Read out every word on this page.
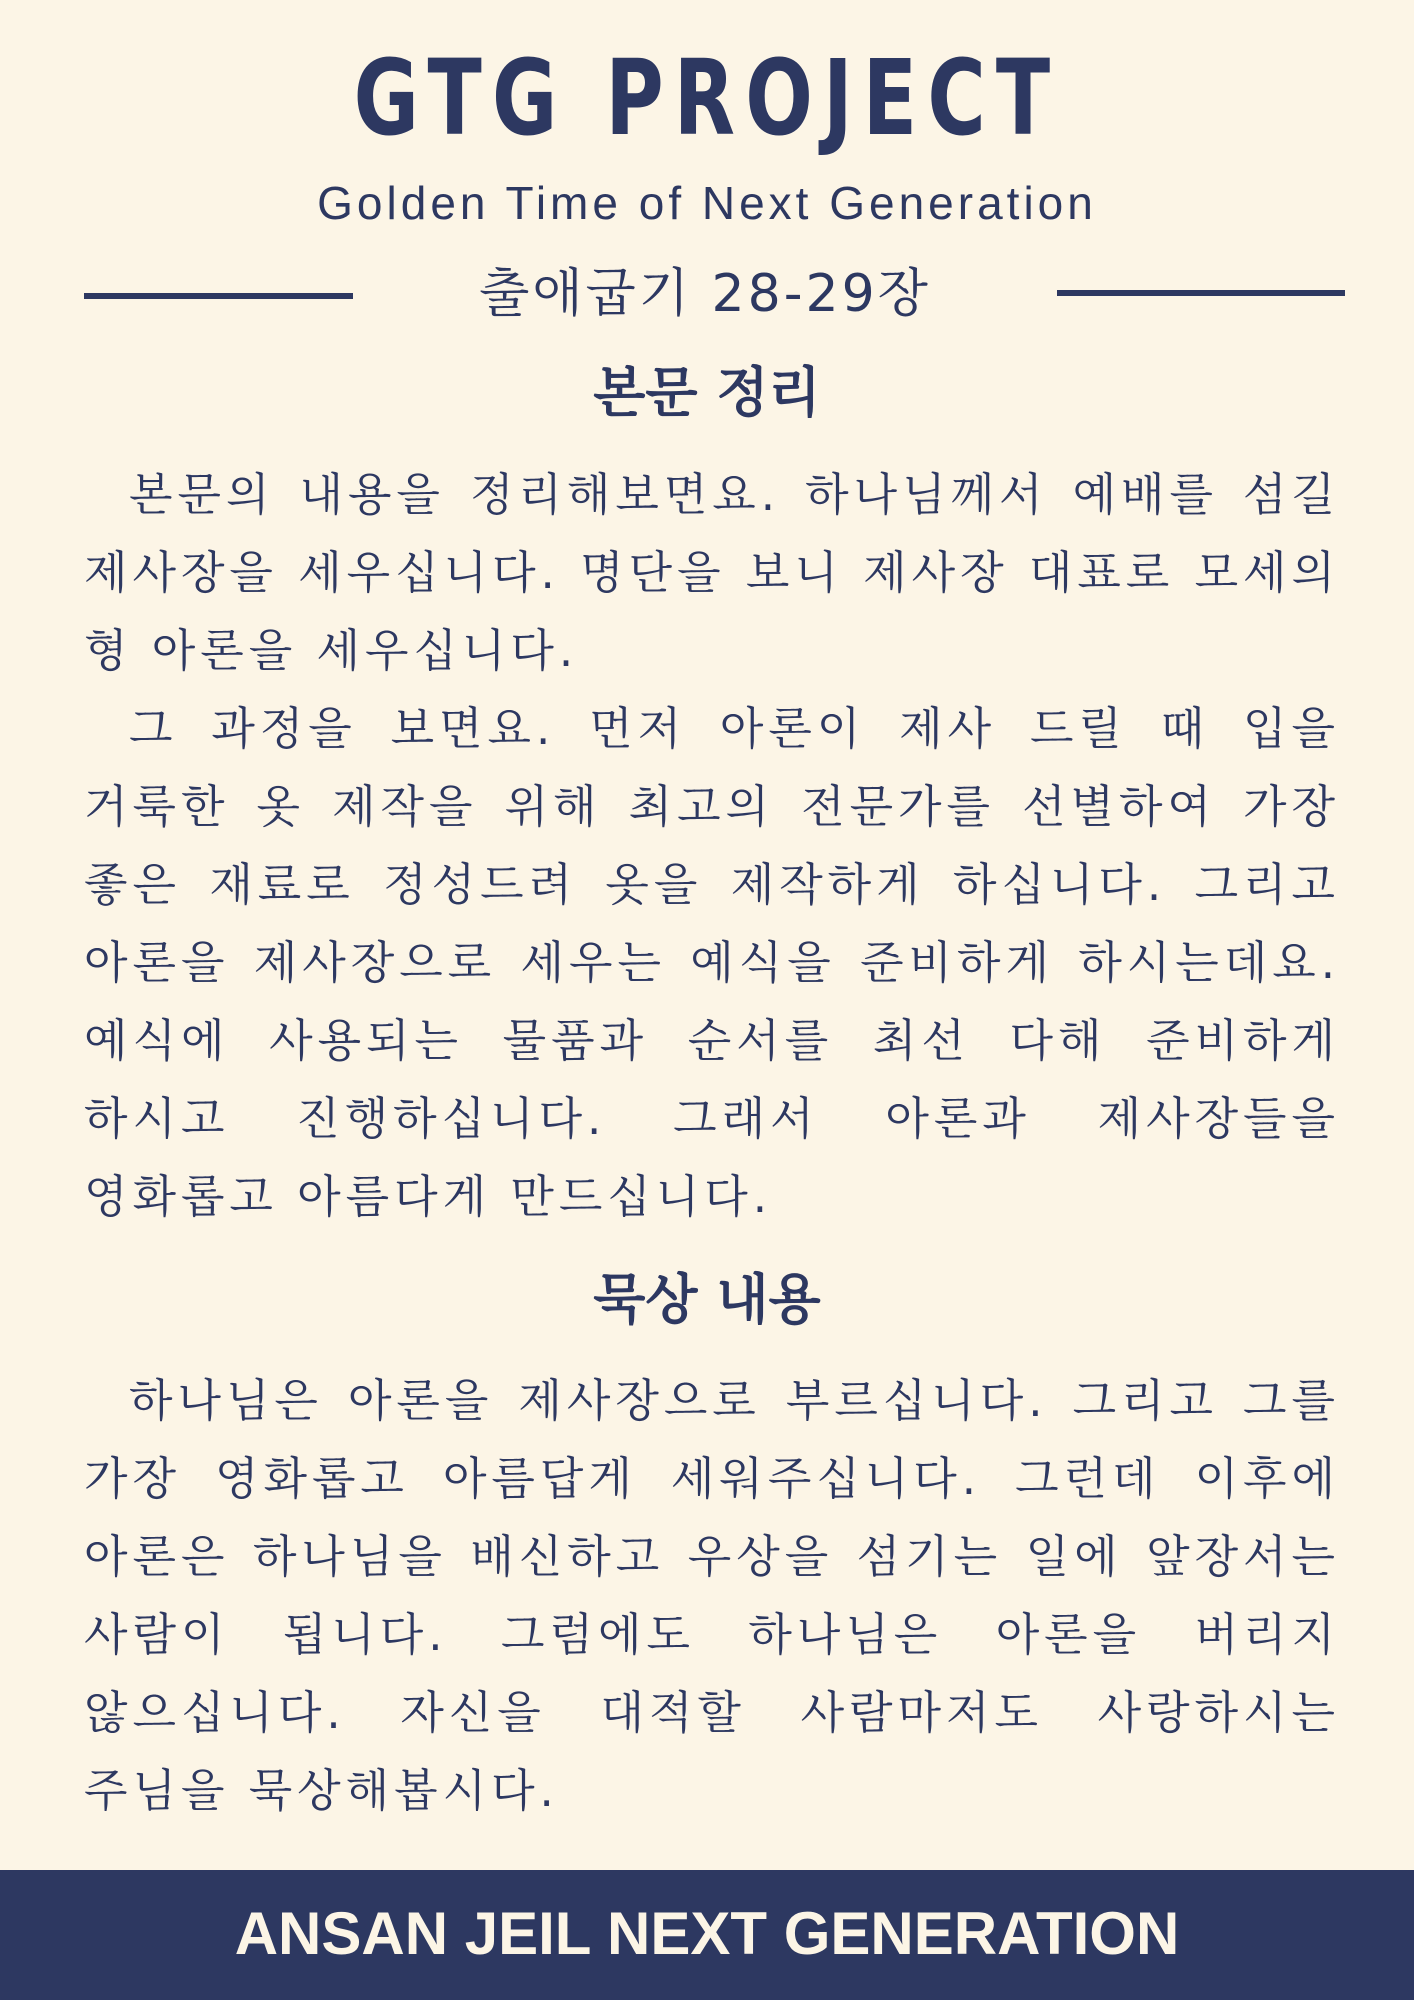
GTG PROJECT
Golden Time of Next Generation
출애굽기 28-29장
본문 정리

본문의 내용을 정리해보면요. 하나님께서 예배를 섬길 제사장을 세우십니다. 명단을 보니 제사장 대표로 모세의 형 아론을 세우십니다.

그 과정을 보면요. 먼저 아론이 제사 드릴 때 입을 거룩한 옷 제작을 위해 최고의 전문가를 선별하여 가장 좋은 재료로 정성드려 옷을 제작하게 하십니다. 그리고 아론을 제사장으로 세우는 예식을 준비하게 하시는데요. 예식에 사용되는 물품과 순서를 최선 다해 준비하게 하시고 진행하십니다. 그래서 아론과 제사장들을 영화롭고 아름다게 만드십니다.

묵상 내용

하나님은 아론을 제사장으로 부르십니다. 그리고 그를 가장 영화롭고 아름답게 세워주십니다. 그런데 이후에 아론은 하나님을 배신하고 우상을 섬기는 일에 앞장서는 사람이 됩니다. 그럼에도 하나님은 아론을 버리지 않으십니다. 자신을 대적할 사람마저도 사랑하시는 주님을 묵상해봅시다.

ANSAN JEIL NEXT GENERATION
